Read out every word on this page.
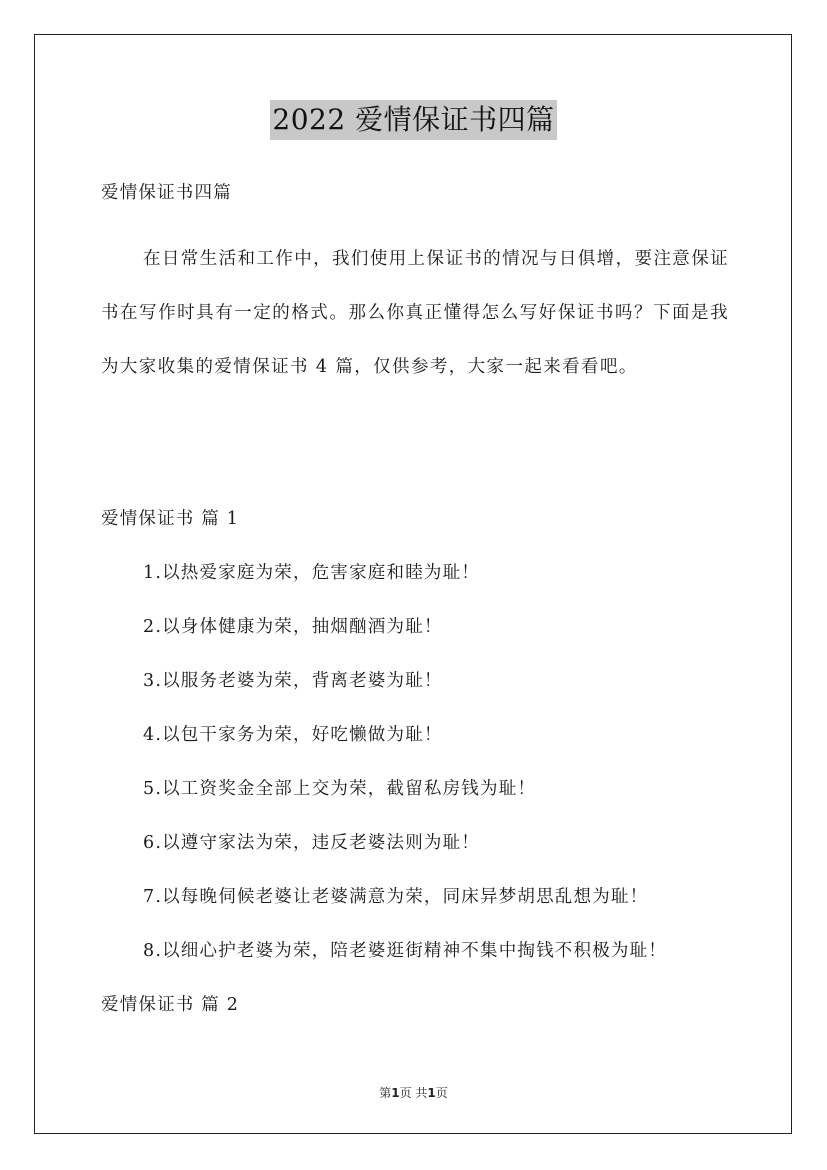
2022 爱情保证书四篇
爱情保证书四篇
在日常生活和工作中，我们使用上保证书的情况与日俱增，要注意保证书在写作时具有一定的格式。那么你真正懂得怎么写好保证书吗？下面是我为大家收集的爱情保证书 4 篇，仅供参考，大家一起来看看吧。
爱情保证书 篇 1
1.以热爱家庭为荣，危害家庭和睦为耻！
2.以身体健康为荣，抽烟酗酒为耻！
3.以服务老婆为荣，背离老婆为耻！
4.以包干家务为荣，好吃懒做为耻！
5.以工资奖金全部上交为荣，截留私房钱为耻！
6.以遵守家法为荣，违反老婆法则为耻！
7.以每晚伺候老婆让老婆满意为荣，同床异梦胡思乱想为耻！
8.以细心护老婆为荣，陪老婆逛街精神不集中掏钱不积极为耻！
爱情保证书 篇 2
第1页 共1页
